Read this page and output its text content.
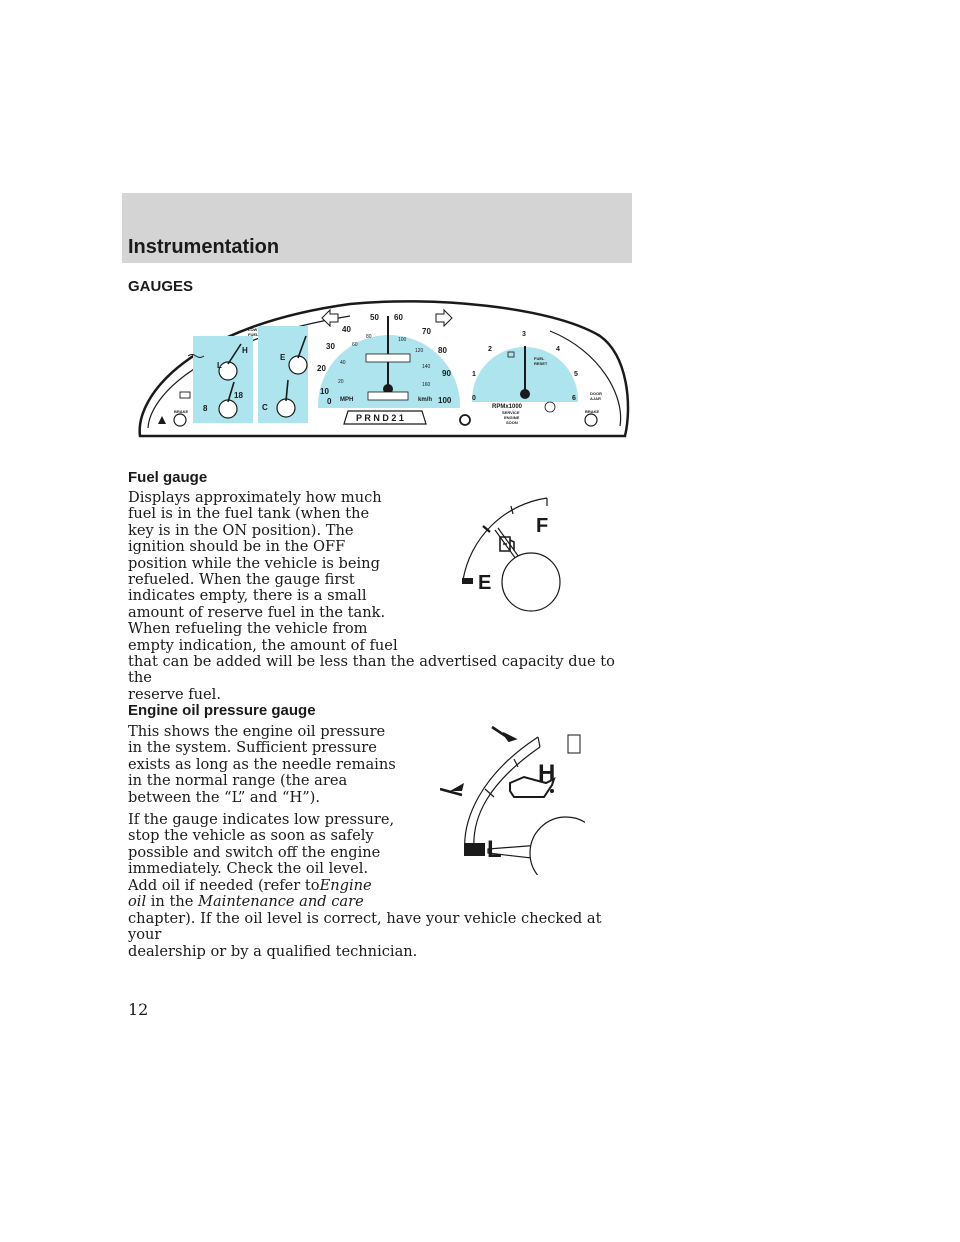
Instrumentation
GAUGES
0
10
20
30
40
50 60
70
80
90
100
MPH	km/h
20
40
60
80	100
120
140
160
P R N D 2 1
0
1
2
3
4
5
6
RPMx1000
FUEL
RESET
SERVICE
ENGINE
SOON
DOOR
AJAR
BRAKE
BRAKE
LOW
FUEL
L
H
E
C
8
18
Fuel gauge
Displays approximately how much
fuel is in the fuel tank (when the
key is in the ON position). The
ignition should be in the OFF
position while the vehicle is being
refueled. When the gauge first
indicates empty, there is a small
amount of reserve fuel in the tank.
When refueling the vehicle from
empty indication, the amount of fuel
that can be added will be less than the advertised capacity due to the
reserve fuel.
F
E
Engine oil pressure gauge
This shows the engine oil pressure
in the system. Sufficient pressure
exists as long as the needle remains
in the normal range (the area
between the “L” and “H”).
If the gauge indicates low pressure,
stop the vehicle as soon as safely
possible and switch off the engine
immediately. Check the oil level.
Add oil if needed (refer toEngine
oil in the Maintenance and care
chapter). If the oil level is correct, have your vehicle checked at your
dealership or by a qualified technician.
H
L
12
